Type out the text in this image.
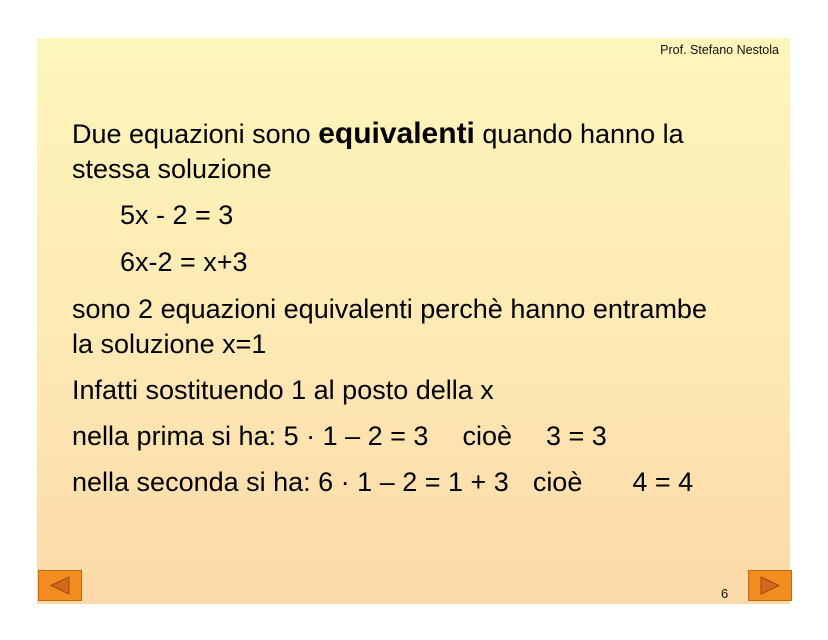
Prof. Stefano Nestola
Due equazioni sono equivalenti quando hanno la
stessa soluzione
5x - 2 = 3
6x-2 = x+3
sono 2 equazioni equivalenti perchè hanno entrambe
la soluzione x=1
Infatti sostituendo 1 al posto della x
nella prima si ha: 5 · 1 – 2 = 3 cioè 3 = 3
nella seconda si ha: 6 · 1 – 2 = 1 + 3 cioè 4 = 4
6
